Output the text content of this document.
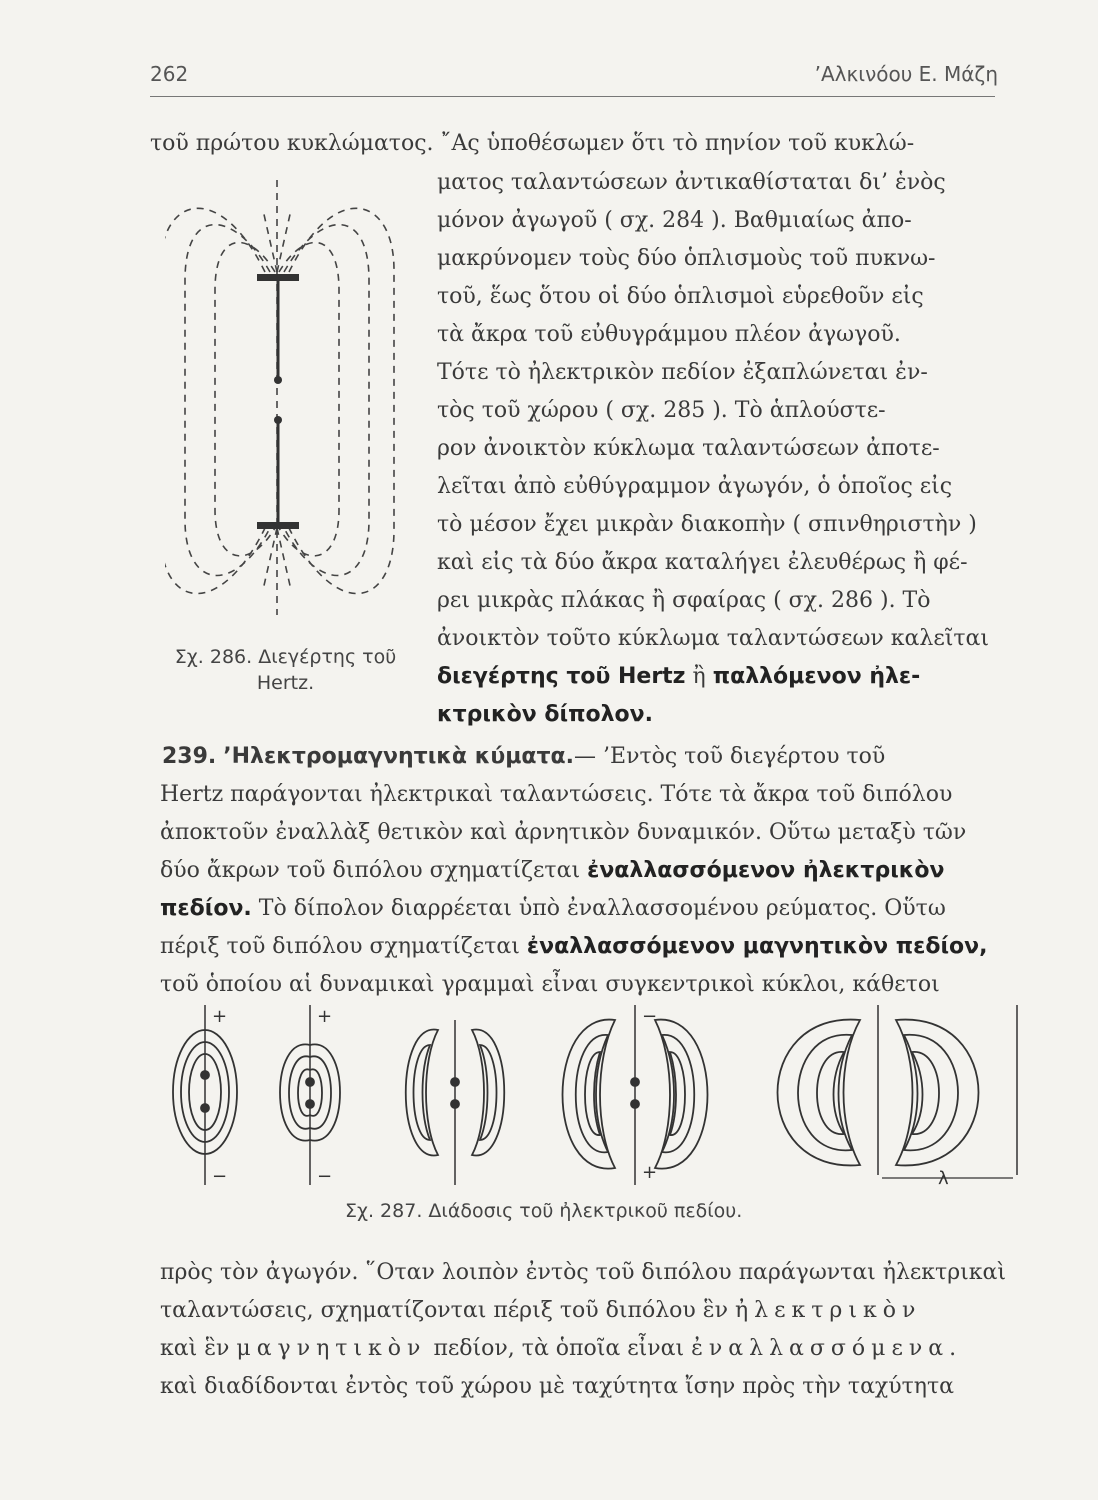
262	’Αλκινόου Ε. Μάζη
τοῦ πρώτου κυκλώματος. ῎Ας ὑποθέσωμεν ὅτι τὸ πηνίον τοῦ κυκλώ-
ματος ταλαντώσεων ἀντικαθίσταται δι’ ἑνὸς
μόνον ἀγωγοῦ ( σχ. 284 ). Βαθμιαίως ἀπο-
μακρύνομεν τοὺς δύο ὁπλισμοὺς τοῦ πυκνω-
τοῦ, ἕως ὅτου οἱ δύο ὁπλισμοὶ εὑρεθοῦν εἰς
τὰ ἄκρα τοῦ εὐθυγράμμου πλέον ἀγωγοῦ.
Τότε τὸ ἠλεκτρικὸν πεδίον ἐξαπλώνεται ἐν-
τὸς τοῦ χώρου ( σχ. 285 ). Τὸ ἁπλούστε-
ρον ἀνοικτὸν κύκλωμα ταλαντώσεων ἀποτε-
λεῖται ἀπὸ εὐθύγραμμον ἀγωγόν, ὁ ὁποῖος εἰς
τὸ μέσον ἔχει μικρὰν διακοπὴν ( σπινθηριστὴν )
καὶ εἰς τὰ δύο ἄκρα καταλήγει ἐλευθέρως ἢ φέ-
ρει μικρὰς πλάκας ἢ σφαίρας ( σχ. 286 ). Τὸ
ἀνοικτὸν τοῦτο κύκλωμα ταλαντώσεων καλεῖται
διεγέρτης τοῦ Hertz ἢ παλλόμενον ἠλε-
κτρικὸν δίπολον.
Σχ. 286. Διεγέρτης τοῦ
Hertz.
239. ’Ηλεκτρομαγνητικὰ κύματα.— ’Εντὸς τοῦ διεγέρτου τοῦ
Hertz παράγονται ἠλεκτρικαὶ ταλαντώσεις. Τότε τὰ ἄκρα τοῦ διπόλου
ἀποκτοῦν ἐναλλὰξ θετικὸν καὶ ἀρνητικὸν δυναμικόν. Οὕτω μεταξὺ τῶν
δύο ἄκρων τοῦ διπόλου σχηματίζεται ἐναλλασσόμενον ἠλεκτρικὸν
πεδίον. Τὸ δίπολον διαρρέεται ὑπὸ ἐναλλασσομένου ρεύματος. Οὕτω
πέριξ τοῦ διπόλου σχηματίζεται ἐναλλασσόμενον μαγνητικὸν πεδίον,
τοῦ ὁποίου αἱ δυναμικαὶ γραμμαὶ εἶναι συγκεντρικοὶ κύκλοι, κάθετοι
+
−
+
−
−
+	λ
Σχ. 287. Διάδοσις τοῦ ἠλεκτρικοῦ πεδίου.
πρὸς τὸν ἀγωγόν. ῞Οταν λοιπὸν ἐντὸς τοῦ διπόλου παράγωνται ἠλεκτρικαὶ
ταλαντώσεις, σχηματίζονται πέριξ τοῦ διπόλου ἓν ἠλεκτρικὸν
καὶ ἓν μαγνητικὸν πεδίον, τὰ ὁποῖα εἶναι ἐναλλασσόμενα.
καὶ διαδίδονται ἐντὸς τοῦ χώρου μὲ ταχύτητα ἴσην πρὸς τὴν ταχύτητα
